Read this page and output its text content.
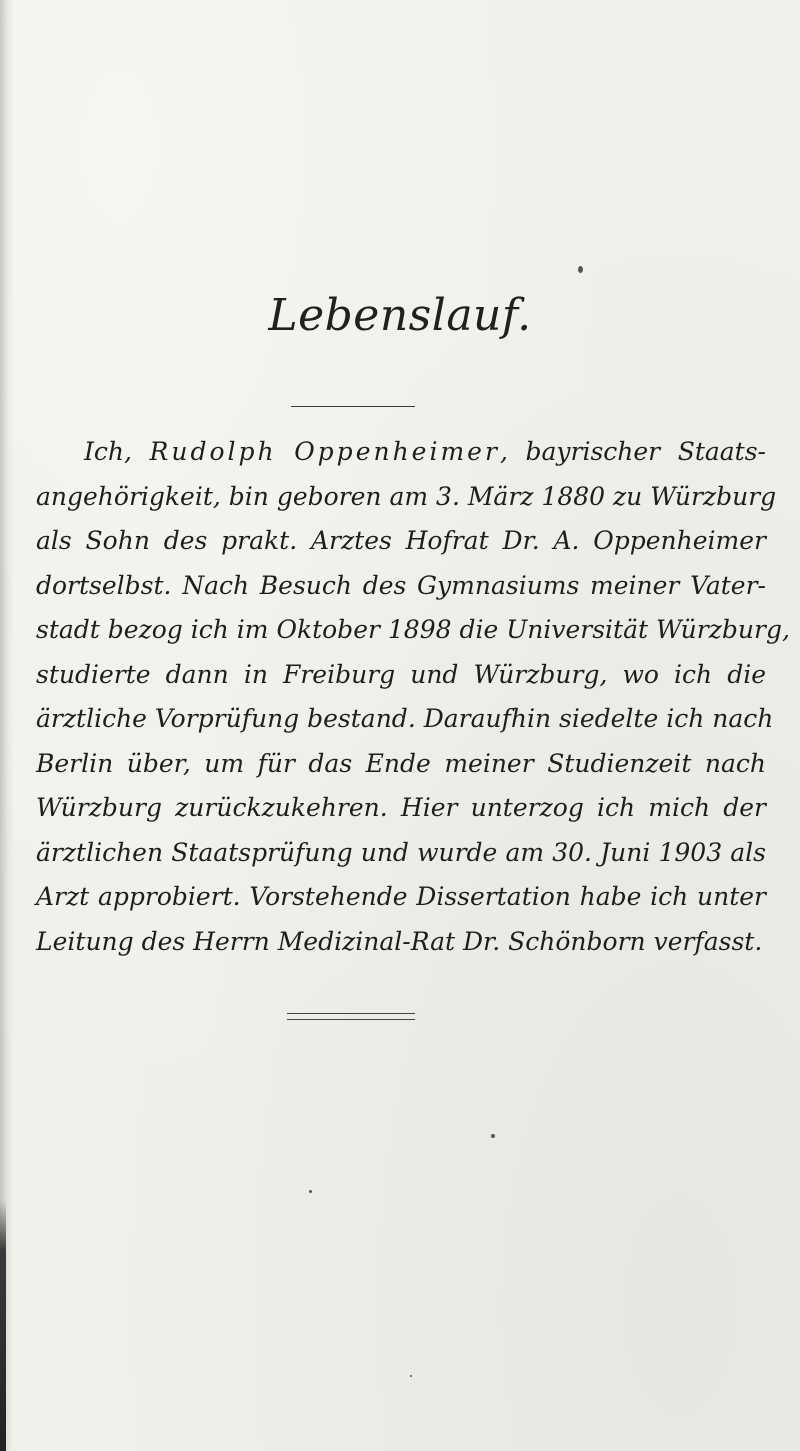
Lebenslauf.
Ich, Rudolph Oppenheimer, bayrischer Staats-
angehörigkeit, bin geboren am 3. März 1880 zu Würzburg
als Sohn des prakt. Arztes Hofrat Dr. A. Oppenheimer
dortselbst. Nach Besuch des Gymnasiums meiner Vater-
stadt bezog ich im Oktober 1898 die Universität Würzburg,
studierte dann in Freiburg und Würzburg, wo ich die
ärztliche Vorprüfung bestand. Daraufhin siedelte ich nach
Berlin über, um für das Ende meiner Studienzeit nach
Würzburg zurückzukehren. Hier unterzog ich mich der
ärztlichen Staatsprüfung und wurde am 30. Juni 1903 als
Arzt approbiert. Vorstehende Dissertation habe ich unter
Leitung des Herrn Medizinal-Rat Dr. Schönborn verfasst.
